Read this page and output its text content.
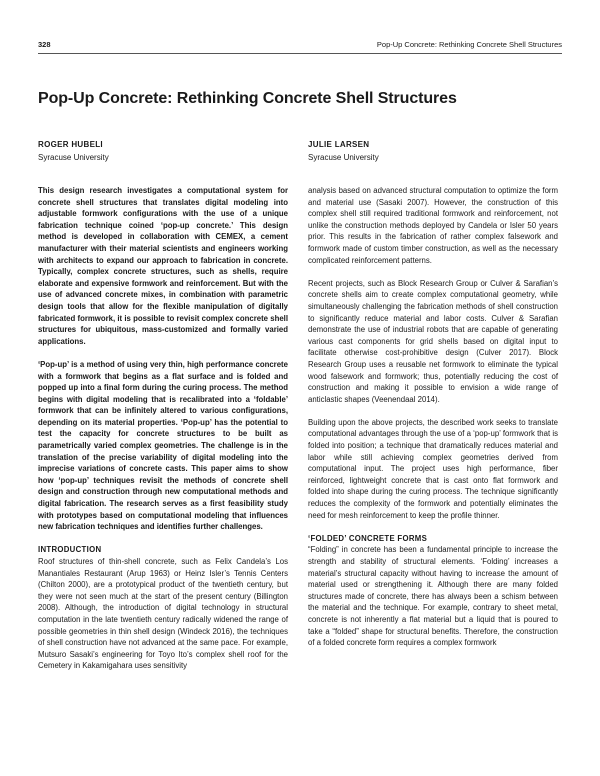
328	Pop-Up Concrete: Rethinking Concrete Shell Structures
Pop-Up Concrete: Rethinking Concrete Shell Structures
ROGER HUBELI
Syracuse University
JULIE LARSEN
Syracuse University

This design research investigates a computational system for concrete shell structures that translates digital modeling into adjustable formwork configurations with the use of a unique fabrication technique coined ‘pop-up concrete.’ This design method is developed in collaboration with CEMEX, a cement manufacturer with their material scientists and engineers working with architects to expand our approach to fabrication in concrete. Typically, complex concrete structures, such as shells, require elaborate and expensive formwork and reinforcement. But with the use of advanced concrete mixes, in combination with parametric design tools that allow for the flexible manipulation of digitally fabricated formwork, it is possible to revisit complex concrete shell structures for ubiquitous, mass-customized and formally varied applications.

‘Pop-up’ is a method of using very thin, high performance concrete with a formwork that begins as a flat surface and is folded and popped up into a final form during the curing process. The method begins with digital modeling that is recalibrated into a ‘foldable’ formwork that can be infinitely altered to various configurations, depending on its material properties. ‘Pop-up’ has the potential to test the capacity for concrete structures to be built as parametrically varied complex geometries. The challenge is in the translation of the precise variability of digital modeling into the imprecise variations of concrete casts. This paper aims to show how ‘pop-up’ techniques revisit the methods of concrete shell design and construction through new computational methods and digital fabrication. The research serves as a first feasibility study with prototypes based on computational modeling that influences new fabrication techniques and identifies further challenges.

INTRODUCTION

Roof structures of thin-shell concrete, such as Felix Candela’s Los Manantiales Restaurant (Arup 1963) or Heinz Isler’s Tennis Centers (Chilton 2000), are a prototypical product of the twentieth century, but they were not seen much at the start of the present century (Billington 2008). Although, the introduction of digital technology in structural computation in the late twentieth century radically widened the range of possible geometries in thin shell design (Windeck 2016), the techniques of shell construction have not advanced at the same pace. For example, Mutsuro Sasaki’s engineering for Toyo Ito’s complex shell roof for the Cemetery in Kakamigahara uses sensitivity

analysis based on advanced structural computation to optimize the form and material use (Sasaki 2007). However, the construction of this complex shell still required traditional formwork and reinforcement, not unlike the construction methods deployed by Candela or Isler 50 years prior. This results in the fabrication of rather complex falsework and formwork made of custom timber construction, as well as the necessary complicated reinforcement patterns.

Recent projects, such as Block Research Group or Culver & Sarafian’s concrete shells aim to create complex computational geometry, while simultaneously challenging the fabrication methods of shell construction to significantly reduce material and labor costs. Culver & Sarafian demonstrate the use of industrial robots that are capable of generating various cast components for grid shells based on digital input to facilitate otherwise cost-prohibitive design (Culver 2017). Block Research Group uses a reusable net formwork to eliminate the typical wood falsework and formwork; thus, potentially reducing the cost of construction and making it possible to envision a wide range of anticlastic shapes (Veenendaal 2014).

Building upon the above projects, the described work seeks to translate computational advantages through the use of a ‘pop-up’ formwork that is folded into position; a technique that dramatically reduces material and labor while still achieving complex geometries derived from computational input. The project uses high performance, fiber reinforced, lightweight concrete that is cast onto flat formwork and folded into shape during the curing process. The technique significantly reduces the complexity of the formwork and potentially eliminates the need for mesh reinforcement to keep the profile thinner.

‘FOLDED’ CONCRETE FORMS

“Folding” in concrete has been a fundamental principle to increase the strength and stability of structural elements. ‘Folding’ increases a material’s structural capacity without having to increase the amount of material used or strengthening it. Although there are many folded structures made of concrete, there has always been a schism between the material and the technique. For example, contrary to sheet metal, concrete is not inherently a flat material but a liquid that is poured to take a “folded” shape for structural benefits. Therefore, the construction of a folded concrete form requires a complex formwork
